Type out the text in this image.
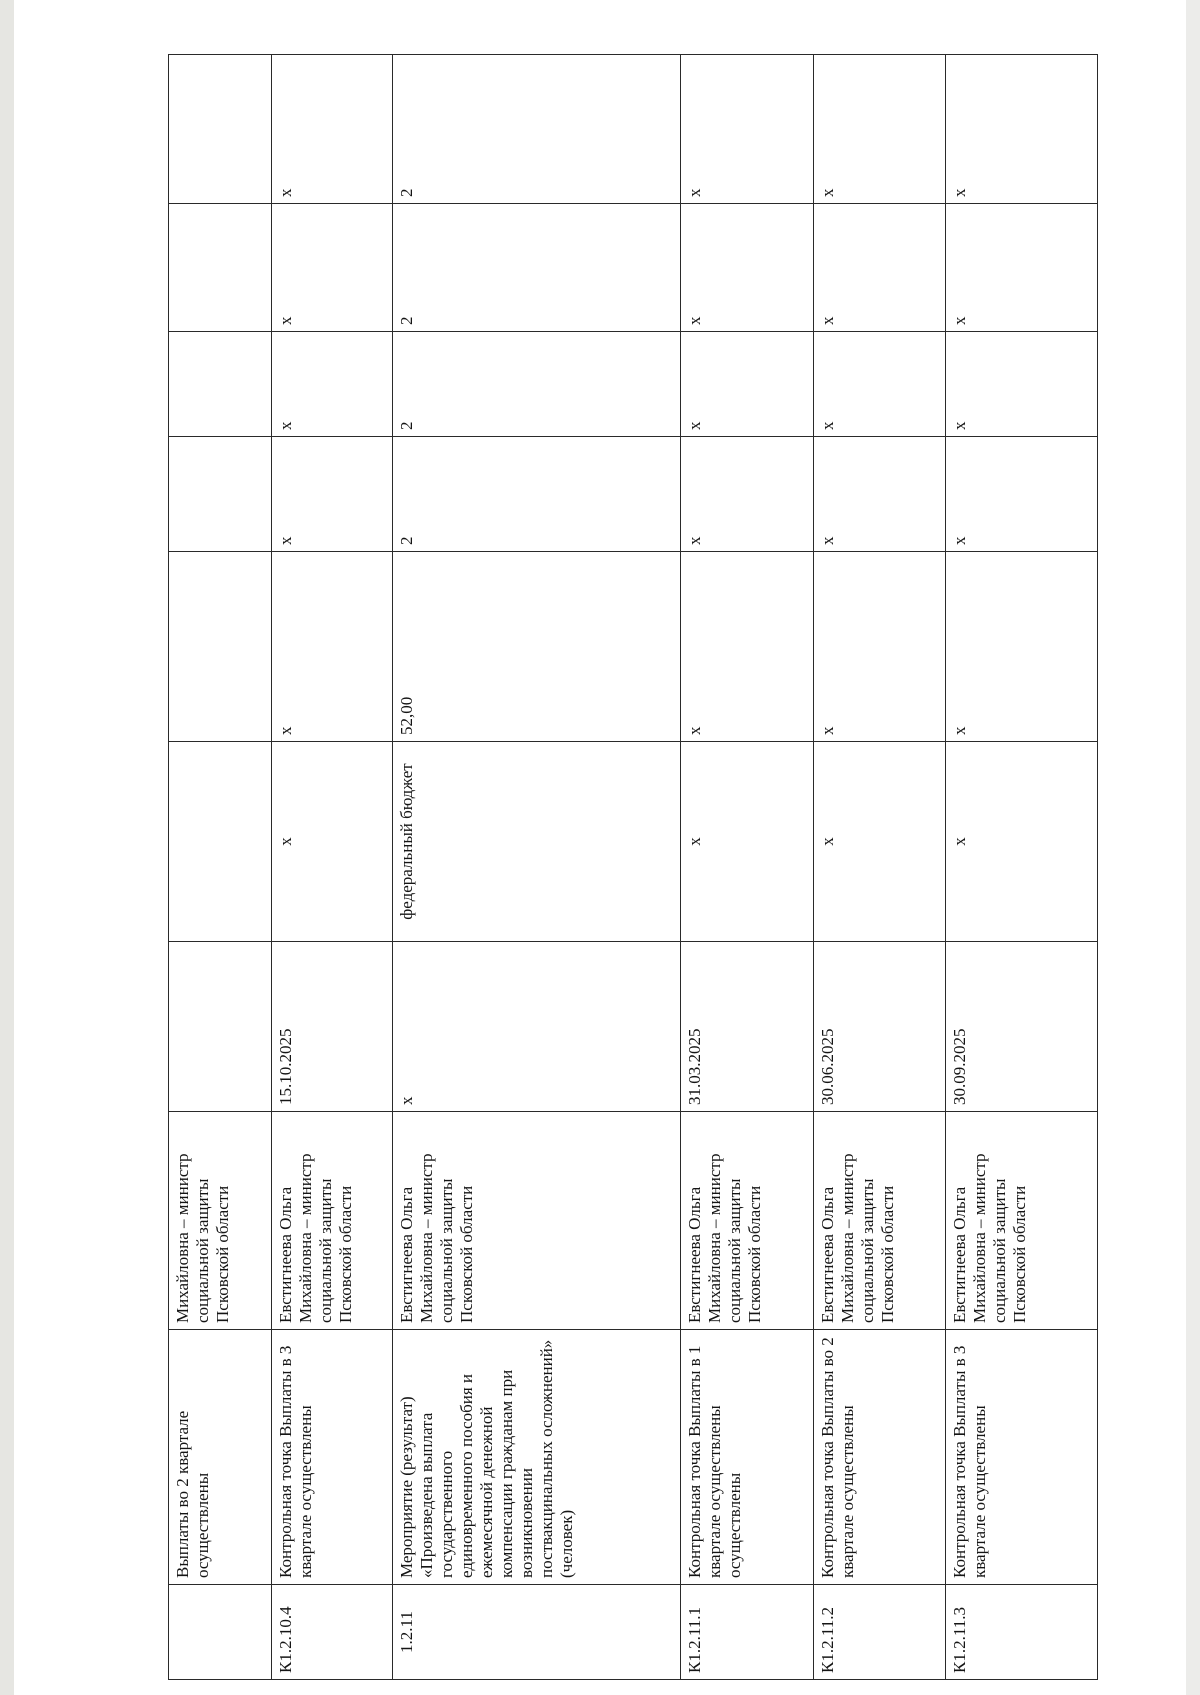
	Выплаты во 2 квартале осуществлены	Михайловна – министр социальной защиты Псковской области							
К1.2.10.4	Контрольная точка Выплаты в 3 квартале осуществлены	Евстигнеева Ольга Михайловна – министр социальной защиты Псковской области	15.10.2025	х	х	х	х	х	х
1.2.11	Мероприятие (результат) «Произведена выплата государственного единовременного пособия и ежемесячной денежной компенсации гражданам при возникновении поствакцинальных осложнений» (человек)	Евстигнеева Ольга Михайловна – министр социальной защиты Псковской области	х	федеральный бюджет	52,00	2	2	2	2
К1.2.11.1	Контрольная точка Выплаты в 1 квартале осуществлены осуществлены	Евстигнеева Ольга Михайловна – министр социальной защиты Псковской области	31.03.2025	х	х	х	х	х	х
К1.2.11.2	Контрольная точка Выплаты во 2 квартале осуществлены	Евстигнеева Ольга Михайловна – министр социальной защиты Псковской области	30.06.2025	х	х	х	х	х	х
К1.2.11.3	Контрольная точка Выплаты в 3 квартале осуществлены	Евстигнеева Ольга Михайловна – министр социальной защиты Псковской области	30.09.2025	х	х	х	х	х	х
